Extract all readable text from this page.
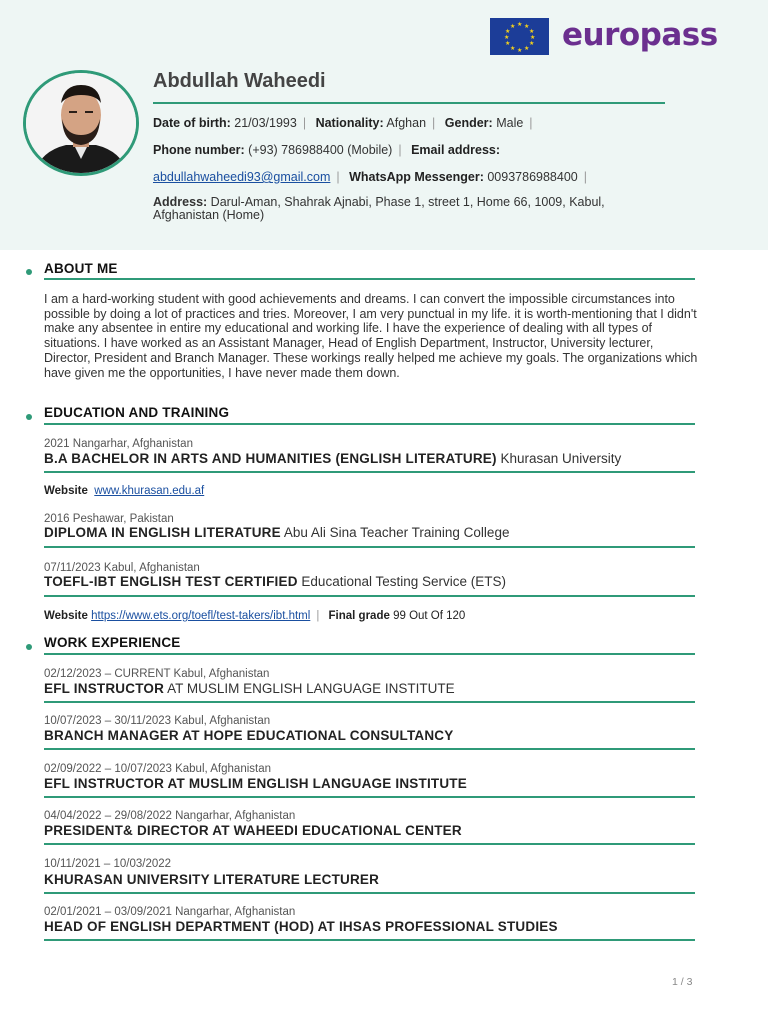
★ ★
★
★
★
★
★
★
★
★
★
★ europass
Abdullah Waheedi
Date of birth: 21/03/1993 | Nationality: Afghan | Gender: Male |
Phone number: (+93) 786988400 (Mobile) | Email address:
abdullahwaheedi93@gmail.com | WhatsApp Messenger: 0093786988400 |
Address: Darul-Aman, Shahrak Ajnabi, Phase 1, street 1, Home 66, 1009, Kabul, Afghanistan (Home)
ABOUT ME
I am a hard-working student with good achievements and dreams. I can convert the impossible circumstances into possible by doing a lot of practices and tries. Moreover, I am very punctual in my life. it is worth-mentioning that I didn't make any absentee in entire my educational and working life. I have the experience of dealing with all types of situations. I have worked as an Assistant Manager, Head of English Department, Instructor, University lecturer, Director, President and Branch Manager. These workings really helped me achieve my goals. The organizations which have given me the opportunities, I have never made them down.
EDUCATION AND TRAINING
2021 Nangarhar, Afghanistan
B.A BACHELOR IN ARTS AND HUMANITIES (ENGLISH LITERATURE) Khurasan University
Website www.khurasan.edu.af
2016 Peshawar, Pakistan
DIPLOMA IN ENGLISH LITERATURE Abu Ali Sina Teacher Training College
07/11/2023 Kabul, Afghanistan
TOEFL-IBT ENGLISH TEST CERTIFIED Educational Testing Service (ETS)
Website https://www.ets.org/toefl/test-takers/ibt.html | Final grade 99 Out Of 120
WORK EXPERIENCE
02/12/2023 – CURRENT Kabul, Afghanistan
EFL INSTRUCTOR AT MUSLIM ENGLISH LANGUAGE INSTITUTE
10/07/2023 – 30/11/2023 Kabul, Afghanistan
BRANCH MANAGER AT HOPE EDUCATIONAL CONSULTANCY
02/09/2022 – 10/07/2023 Kabul, Afghanistan
EFL INSTRUCTOR AT MUSLIM ENGLISH LANGUAGE INSTITUTE
04/04/2022 – 29/08/2022 Nangarhar, Afghanistan
PRESIDENT& DIRECTOR AT WAHEEDI EDUCATIONAL CENTER
10/11/2021 – 10/03/2022
KHURASAN UNIVERSITY LITERATURE LECTURER
02/01/2021 – 03/09/2021 Nangarhar, Afghanistan
HEAD OF ENGLISH DEPARTMENT (HOD) AT IHSAS PROFESSIONAL STUDIES
1 / 3
